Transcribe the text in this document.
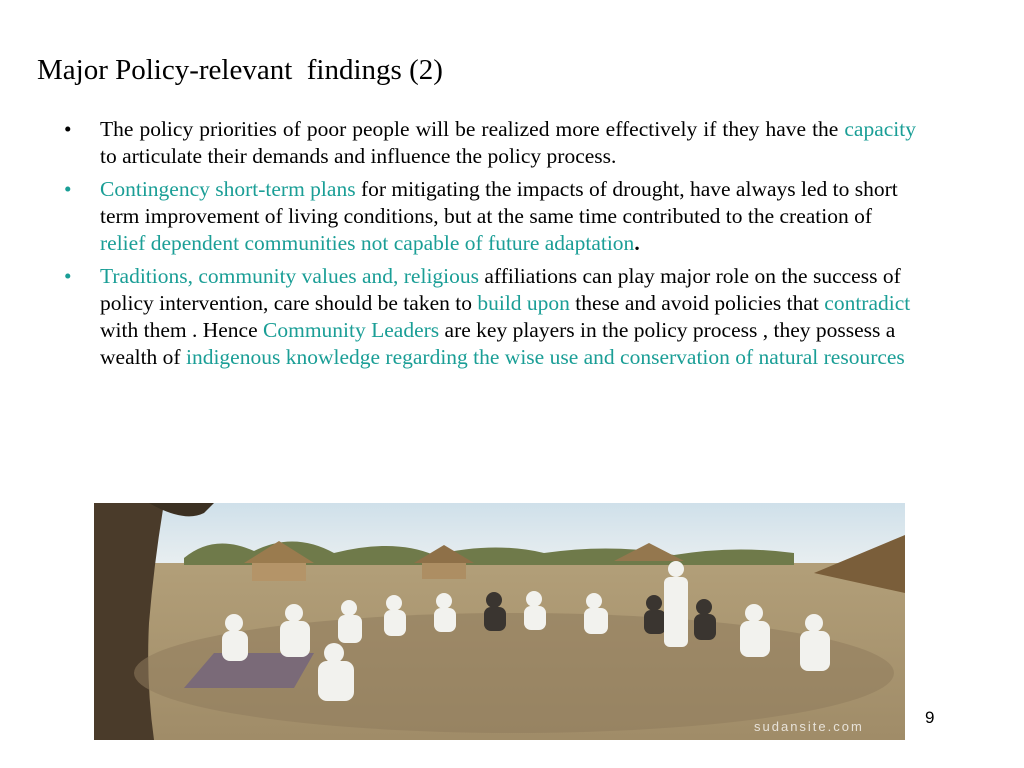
Major Policy-relevant  findings (2)
•	The policy priorities of poor people will be realized more effectively if they have the capacity to articulate their demands and influence the policy process.
•	Contingency short-term plans for mitigating the impacts of drought, have always led to short term improvement of living conditions, but at the same time contributed to the creation of relief dependent communities not capable of future adaptation.
•	Traditions, community values and, religious affiliations can play major role on the success of policy intervention, care should be taken to build upon these and avoid policies that contradict with them . Hence Community Leaders are key players in the policy process , they possess a wealth of indigenous knowledge regarding the wise use and conservation of natural resources
sudansite.com	9
